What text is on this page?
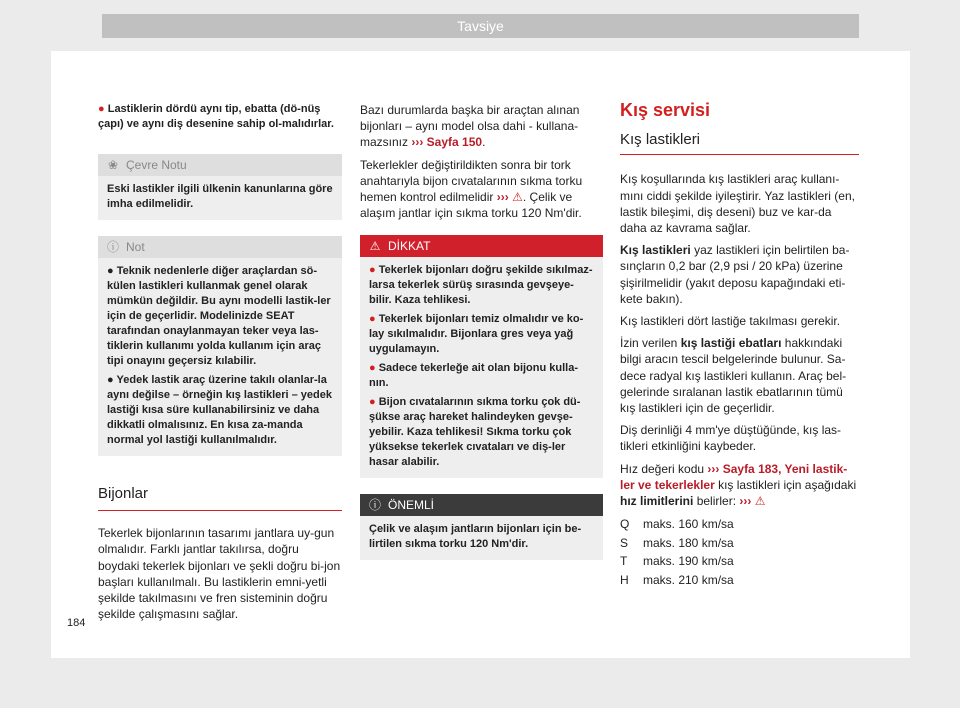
Tavsiye
● Lastiklerin dördü aynı tip, ebatta (dö-nüş çapı) ve aynı diş desenine sahip ol-malıdırlar.
❀ Çevre Notu
Eski lastikler ilgili ülkenin kanunlarına göre imha edilmelidir.
ⓘ Not
● Teknik nedenlerle diğer araçlardan sö-külen lastikleri kullanmak genel olarak mümkün değildir. Bu aynı modelli lastik-ler için de geçerlidir. Modelinizde SEAT tarafından onaylanmayan teker veya las-tiklerin kullanımı yolda kullanım için araç tipi onayını geçersiz kılabilir.
● Yedek lastik araç üzerine takılı olanlar-la aynı değilse – örneğin kış lastikleri – yedek lastiği kısa süre kullanabilirsiniz ve daha dikkatli olmalısınız. En kısa za-manda normal yol lastiği kullanılmalıdır.
Bijonlar

Tekerlek bijonlarının tasarımı jantlara uy-gun olmalıdır. Farklı jantlar takılırsa, doğru boydaki tekerlek bijonları ve şekli doğru bi-jon başları kullanılmalı. Bu lastiklerin emni-yetli şekilde takılmasını ve fren sisteminin doğru şekilde çalışmasını sağlar.

Bazı durumlarda başka bir araçtan alınan bijonları – aynı model olsa dahi - kullana-mazsınız ››› Sayfa 150.

Tekerlekler değiştirildikten sonra bir tork anahtarıyla bijon cıvatalarının sıkma torku hemen kontrol edilmelidir ››› ⚠. Çelik ve alaşım jantlar için sıkma torku 120 Nm'dir.

⚠ DİKKAT
● Tekerlek bijonları doğru şekilde sıkılmaz-larsa tekerlek sürüş sırasında gevşeye-bilir. Kaza tehlikesi.
● Tekerlek bijonları temiz olmalıdır ve ko-lay sıkılmalıdır. Bijonlara gres veya yağ uygulamayın.
● Sadece tekerleğe ait olan bijonu kulla-nın.
● Bijon cıvatalarının sıkma torku çok dü-şükse araç hareket halindeyken gevşe-yebilir. Kaza tehlikesi! Sıkma torku çok yüksekse tekerlek cıvataları ve diş-ler hasar alabilir.
ⓘ ÖNEMLİ
Çelik ve alaşım jantların bijonları için be-lirtilen sıkma torku 120 Nm'dir.
Kış servisi
Kış lastikleri

Kış koşullarında kış lastikleri araç kullanı-mını ciddi şekilde iyileştirir. Yaz lastikleri (en, lastik bileşimi, diş deseni) buz ve kar-da daha az kavrama sağlar.

Kış lastikleri yaz lastikleri için belirtilen ba-sınçların 0,2 bar (2,9 psi / 20 kPa) üzerine şişirilmelidir (yakıt deposu kapağındaki eti-kete bakın).

Kış lastikleri dört lastiğe takılması gerekir.

İzin verilen kış lastiği ebatları hakkındaki bilgi aracın tescil belgelerinde bulunur. Sa-dece radyal kış lastikleri kullanın. Araç bel-gelerinde sıralanan lastik ebatlarının tümü kış lastikleri için de geçerlidir.

Diş derinliği 4 mm'ye düştüğünde, kış las-tikleri etkinliğini kaybeder.

Hız değeri kodu ››› Sayfa 183, Yeni lastik-ler ve tekerlekler kış lastikleri için aşağıdaki hız limitlerini belirler: ››› ⚠

Q	maks. 160 km/sa
S	maks. 180 km/sa
T	maks. 190 km/sa
H	maks. 210 km/sa
184
